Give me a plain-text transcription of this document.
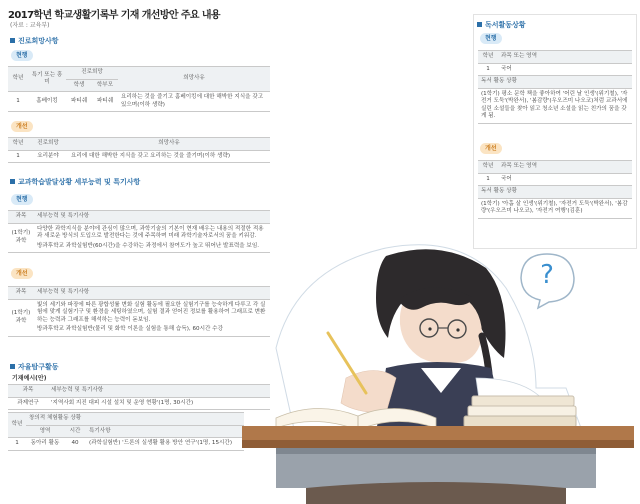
2017학년 학교생활기록부 기재 개선방안 주요 내용
(자료 : 교육부)
진로희망사항
현행
학년	특기 또는 흥미	진로희망		희망사유
		학생	학부모	
1	홈베이킹	파티쉐	파티쉐	요리하는 것을 즐기고 홈베이킹에 대한 해박한 지식을 갖고 있으며(이하 생략)
개선
학년	진로희망	희망사유
1	요리분야	요리에 대한 해박한 지식을 갖고 요리하는 것을 즐기며(이하 생략)
교과학습발달상황 세부능력 및 특기사항
현행
과목	세부능력 및 특기사항
(1학기) 과학	다양한 과학지식을 분야에 관심이 많으며, 과학기술의 기본이 현재 배우는 내용의 적절한 적용과 새로운 방식의 도입으로 발전한다는 것에 주목하며 미래 과학기술자로서의 꿈을 키워감.
방과후학교 과학실험반(60시간)을 수강하는 과정에서 참여도가 높고 뛰어난 발표력을 보임.
개선
과목	세부능력 및 특기사항
(1학기) 과학	빛의 세기와 파장에 따른 광합성률 변화 실험 활동에 필요한 실험기구를 능숙하게 다루고 각 실험에 맞게 실험기구 및 환경을 세팅하였으며, 실험 결과 얻어진 정보를 활용하여 그래프로 변환하는 능력과 그래프를 해석하는 능력이 돋보임.
방과후학교 과학실험반(물리 및 화학 이론을 실험을 통해 습득), 60시간 수강
자율탐구활동
기재예시(안)
과목	세부능력 및 특기사항
과제연구	'지역사회 지진 대피 시설 설치 및 운영 현황'(1명, 30시간)
학년	창의적 체험활동 상황		
	영역	시간	특기사항
1	동아리 활동	40	(과학실험반) '드론의 실생활 활용 방안 연구'(1명, 15시간)
독서활동상황
현행
학년	과목 또는 영역
1	국어
독서 활동 상황	
(1학기) 평소 문학 책을 좋아하여 '어린 날 인생'(위기철), '자전거 도둑'(박완서), '봄감량'(우오즈미 나오코)처럼 교과서에 실린 소설들을 찾아 읽고 청소년 소설을 읽는 친가의 꿈을 갖게 됨.	
개선
학년	과목 또는 영역
1	국어
독서 활동 상황	
(1학기) '아홉 살 인생'(위기철), '자전거 도둑'(박완서), '봄감량'(우오즈미 나오코), '자전거 여행'(김훈)	
?
